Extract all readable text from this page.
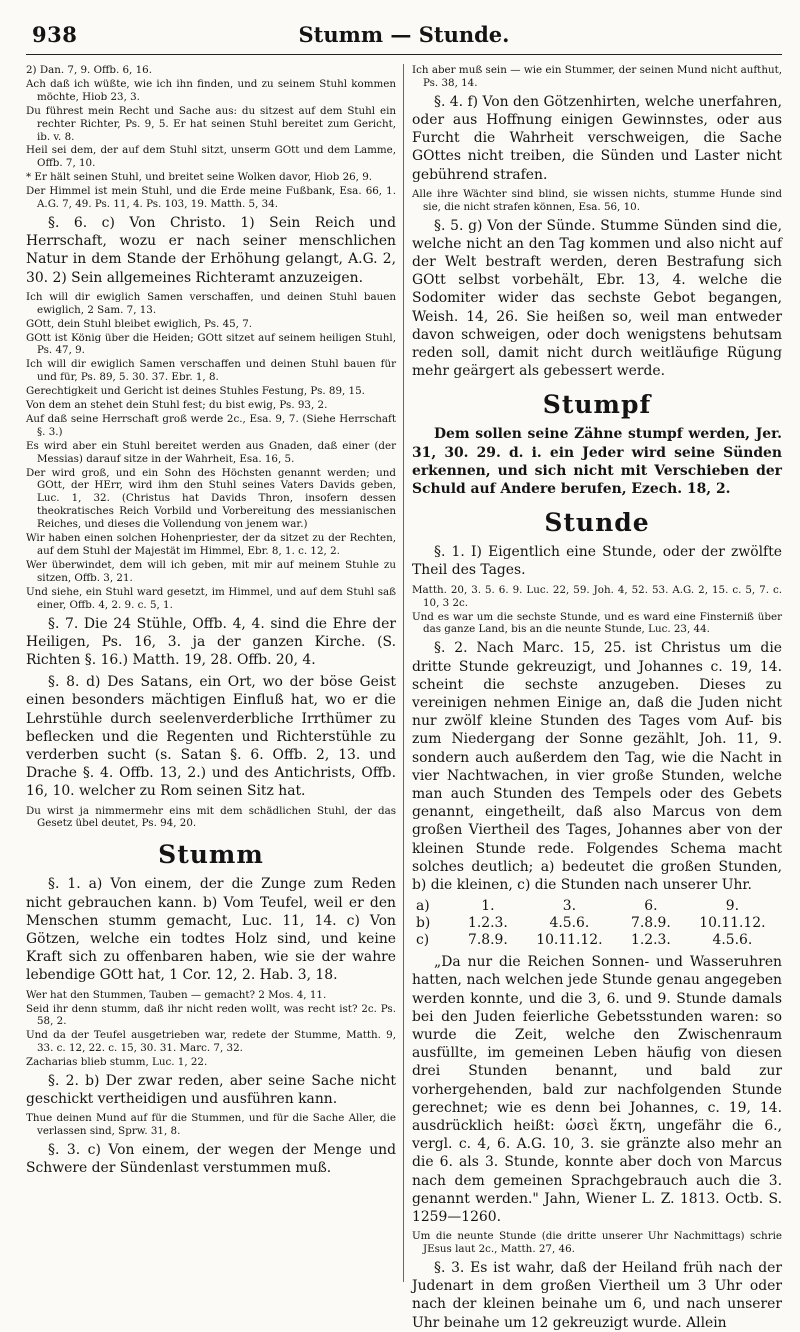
938	Stumm — Stunde.

2) Dan. 7, 9. Offb. 6, 16.

Ach daß ich wüßte, wie ich ihn finden, und zu seinem Stuhl kommen möchte, Hiob 23, 3.

Du führest mein Recht und Sache aus: du sitzest auf dem Stuhl ein rechter Richter, Ps. 9, 5. Er hat seinen Stuhl bereitet zum Gericht, ib. v. 8.

Heil sei dem, der auf dem Stuhl sitzt, unserm GOtt und dem Lamme, Offb. 7, 10.

* Er hält seinen Stuhl, und breitet seine Wolken davor, Hiob 26, 9.

Der Himmel ist mein Stuhl, und die Erde meine Fußbank, Esa. 66, 1. A.G. 7, 49. Ps. 11, 4. Ps. 103, 19. Matth. 5, 34.

§. 6. c) Von Christo. 1) Sein Reich und Herrschaft, wozu er nach seiner menschlichen Natur in dem Stande der Erhöhung gelangt, A.G. 2, 30. 2) Sein allgemeines Richteramt anzuzeigen.

Ich will dir ewiglich Samen verschaffen, und deinen Stuhl bauen ewiglich, 2 Sam. 7, 13.

GOtt, dein Stuhl bleibet ewiglich, Ps. 45, 7.

GOtt ist König über die Heiden; GOtt sitzet auf seinem heiligen Stuhl, Ps. 47, 9.

Ich will dir ewiglich Samen verschaffen und deinen Stuhl bauen für und für, Ps. 89, 5. 30. 37. Ebr. 1, 8.

Gerechtigkeit und Gericht ist deines Stuhles Festung, Ps. 89, 15.

Von dem an stehet dein Stuhl fest; du bist ewig, Ps. 93, 2.

Auf daß seine Herrschaft groß werde 2c., Esa. 9, 7. (Siehe Herrschaft §. 3.)

Es wird aber ein Stuhl bereitet werden aus Gnaden, daß einer (der Messias) darauf sitze in der Wahrheit, Esa. 16, 5.

Der wird groß, und ein Sohn des Höchsten genannt werden; und GOtt, der HErr, wird ihm den Stuhl seines Vaters Davids geben, Luc. 1, 32. (Christus hat Davids Thron, insofern dessen theokratisches Reich Vorbild und Vorbereitung des messianischen Reiches, und dieses die Vollendung von jenem war.)

Wir haben einen solchen Hohenpriester, der da sitzet zu der Rechten, auf dem Stuhl der Majestät im Himmel, Ebr. 8, 1. c. 12, 2.

Wer überwindet, dem will ich geben, mit mir auf meinem Stuhle zu sitzen, Offb. 3, 21.

Und siehe, ein Stuhl ward gesetzt, im Himmel, und auf dem Stuhl saß einer, Offb. 4, 2. 9. c. 5, 1.

§. 7. Die 24 Stühle, Offb. 4, 4. sind die Ehre der Heiligen, Ps. 16, 3. ja der ganzen Kirche. (S. Richten §. 16.) Matth. 19, 28. Offb. 20, 4.

§. 8. d) Des Satans, ein Ort, wo der böse Geist einen besonders mächtigen Einfluß hat, wo er die Lehrstühle durch seelenverderbliche Irrthümer zu beflecken und die Regenten und Richterstühle zu verderben sucht (s. Satan §. 6. Offb. 2, 13. und Drache §. 4. Offb. 13, 2.) und des Antichrists, Offb. 16, 10. welcher zu Rom seinen Sitz hat.

Du wirst ja nimmermehr eins mit dem schädlichen Stuhl, der das Gesetz übel deutet, Ps. 94, 20.

Stumm

§. 1. a) Von einem, der die Zunge zum Reden nicht gebrauchen kann. b) Vom Teufel, weil er den Menschen stumm gemacht, Luc. 11, 14. c) Von Götzen, welche ein todtes Holz sind, und keine Kraft sich zu offenbaren haben, wie sie der wahre lebendige GOtt hat, 1 Cor. 12, 2. Hab. 3, 18.

Wer hat den Stummen, Tauben — gemacht? 2 Mos. 4, 11.

Seid ihr denn stumm, daß ihr nicht reden wollt, was recht ist? 2c. Ps. 58, 2.

Und da der Teufel ausgetrieben war, redete der Stumme, Matth. 9, 33. c. 12, 22. c. 15, 30. 31. Marc. 7, 32.

Zacharias blieb stumm, Luc. 1, 22.

§. 2. b) Der zwar reden, aber seine Sache nicht geschickt vertheidigen und ausführen kann.

Thue deinen Mund auf für die Stummen, und für die Sache Aller, die verlassen sind, Sprw. 31, 8.

§. 3. c) Von einem, der wegen der Menge und Schwere der Sündenlast verstummen muß.

Ich aber muß sein — wie ein Stummer, der seinen Mund nicht aufthut, Ps. 38, 14.

§. 4. f) Von den Götzenhirten, welche unerfahren, oder aus Hoffnung einigen Gewinnstes, oder aus Furcht die Wahrheit verschweigen, die Sache GOttes nicht treiben, die Sünden und Laster nicht gebührend strafen.

Alle ihre Wächter sind blind, sie wissen nichts, stumme Hunde sind sie, die nicht strafen können, Esa. 56, 10.

§. 5. g) Von der Sünde. Stumme Sünden sind die, welche nicht an den Tag kommen und also nicht auf der Welt bestraft werden, deren Bestrafung sich GOtt selbst vorbehält, Ebr. 13, 4. welche die Sodomiter wider das sechste Gebot begangen, Weish. 14, 26. Sie heißen so, weil man entweder davon schweigen, oder doch wenigstens behutsam reden soll, damit nicht durch weitläufige Rügung mehr geärgert als gebessert werde.

Stumpf

Dem sollen seine Zähne stumpf werden, Jer. 31, 30. 29. d. i. ein Jeder wird seine Sünden erkennen, und sich nicht mit Verschieben der Schuld auf Andere berufen, Ezech. 18, 2.

Stunde

§. 1. I) Eigentlich eine Stunde, oder der zwölfte Theil des Tages.

Matth. 20, 3. 5. 6. 9. Luc. 22, 59. Joh. 4, 52. 53. A.G. 2, 15. c. 5, 7. c. 10, 3 2c.

Und es war um die sechste Stunde, und es ward eine Finsterniß über das ganze Land, bis an die neunte Stunde, Luc. 23, 44.

§. 2. Nach Marc. 15, 25. ist Christus um die dritte Stunde gekreuzigt, und Johannes c. 19, 14. scheint die sechste anzugeben. Dieses zu vereinigen nehmen Einige an, daß die Juden nicht nur zwölf kleine Stunden des Tages vom Auf- bis zum Niedergang der Sonne gezählt, Joh. 11, 9. sondern auch außerdem den Tag, wie die Nacht in vier Nachtwachen, in vier große Stunden, welche man auch Stunden des Tempels oder des Gebets genannt, eingetheilt, daß also Marcus von dem großen Viertheil des Tages, Johannes aber von der kleinen Stunde rede. Folgendes Schema macht solches deutlich; a) bedeutet die großen Stunden, b) die kleinen, c) die Stunden nach unserer Uhr.

a)	1.	3.	6.	9.
b)	1.2.3.	4.5.6.	7.8.9.	10.11.12.
c)	7.8.9.	10.11.12.	1.2.3.	4.5.6.

„Da nur die Reichen Sonnen- und Wasseruhren hatten, nach welchen jede Stunde genau angegeben werden konnte, und die 3, 6. und 9. Stunde damals bei den Juden feierliche Gebetsstunden waren: so wurde die Zeit, welche den Zwischenraum ausfüllte, im gemeinen Leben häufig von diesen drei Stunden benannt, und bald zur vorhergehenden, bald zur nachfolgenden Stunde gerechnet; wie es denn bei Johannes, c. 19, 14. ausdrücklich heißt: ὡσεὶ ἕκτη, ungefähr die 6., vergl. c. 4, 6. A.G. 10, 3. sie gränzte also mehr an die 6. als 3. Stunde, konnte aber doch von Marcus nach dem gemeinen Sprachgebrauch auch die 3. genannt werden." Jahn, Wiener L. Z. 1813. Octb. S. 1259—1260.

Um die neunte Stunde (die dritte unserer Uhr Nachmittags) schrie JEsus laut 2c., Matth. 27, 46.

§. 3. Es ist wahr, daß der Heiland früh nach der Judenart in dem großen Viertheil um 3 Uhr oder nach der kleinen beinahe um 6, und nach unserer Uhr beinahe um 12 gekreuzigt wurde. Allein
